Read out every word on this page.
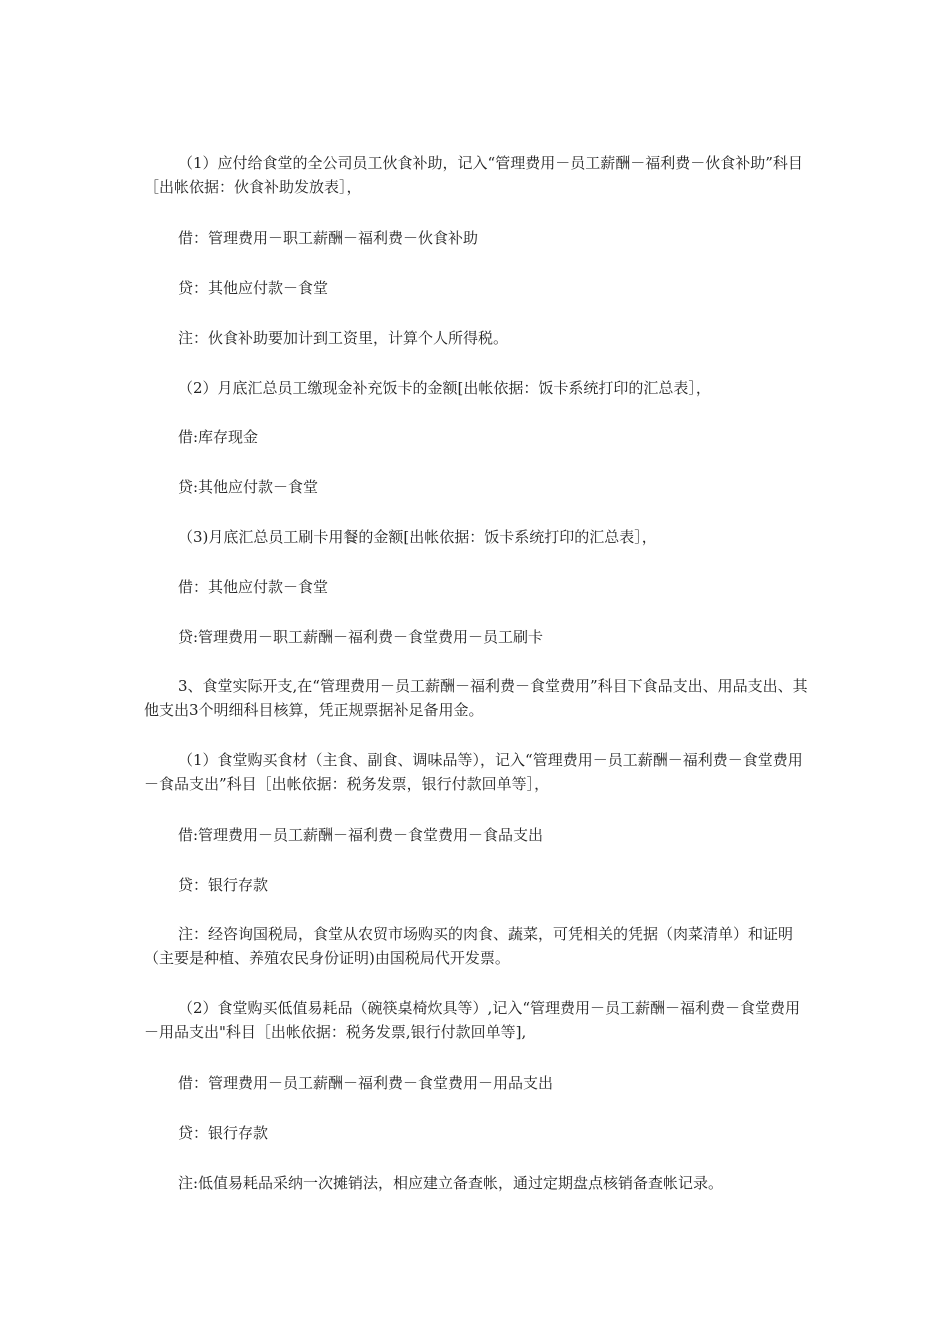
（1）应付给食堂的全公司员工伙食补助，记入“管理费用－员工薪酬－福利费－伙食补助”科目［出帐依据：伙食补助发放表］，

借：管理费用－职工薪酬－福利费－伙食补助

贷：其他应付款－食堂

注：伙食补助要加计到工资里，计算个人所得税。

（2）月底汇总员工缴现金补充饭卡的金额[出帐依据：饭卡系统打印的汇总表］，

借:库存现金

贷:其他应付款－食堂

（3)月底汇总员工刷卡用餐的金额[出帐依据：饭卡系统打印的汇总表］，

借：其他应付款－食堂

贷:管理费用－职工薪酬－福利费－食堂费用－员工刷卡

3、食堂实际开支,在“管理费用－员工薪酬－福利费－食堂费用”科目下食品支出、用品支出、其他支出3个明细科目核算，凭正规票据补足备用金。

（1）食堂购买食材（主食、副食、调味品等），记入“管理费用－员工薪酬－福利费－食堂费用－食品支出”科目［出帐依据：税务发票，银行付款回单等］，

借:管理费用－员工薪酬－福利费－食堂费用－食品支出

贷：银行存款

注：经咨询国税局，食堂从农贸市场购买的肉食、蔬菜，可凭相关的凭据（肉菜清单）和证明（主要是种植、养殖农民身份证明)由国税局代开发票。

（2）食堂购买低值易耗品（碗筷桌椅炊具等）,记入“管理费用－员工薪酬－福利费－食堂费用－用品支出"科目［出帐依据：税务发票,银行付款回单等],

借：管理费用－员工薪酬－福利费－食堂费用－用品支出

贷：银行存款

注:低值易耗品采纳一次摊销法，相应建立备查帐，通过定期盘点核销备查帐记录。
